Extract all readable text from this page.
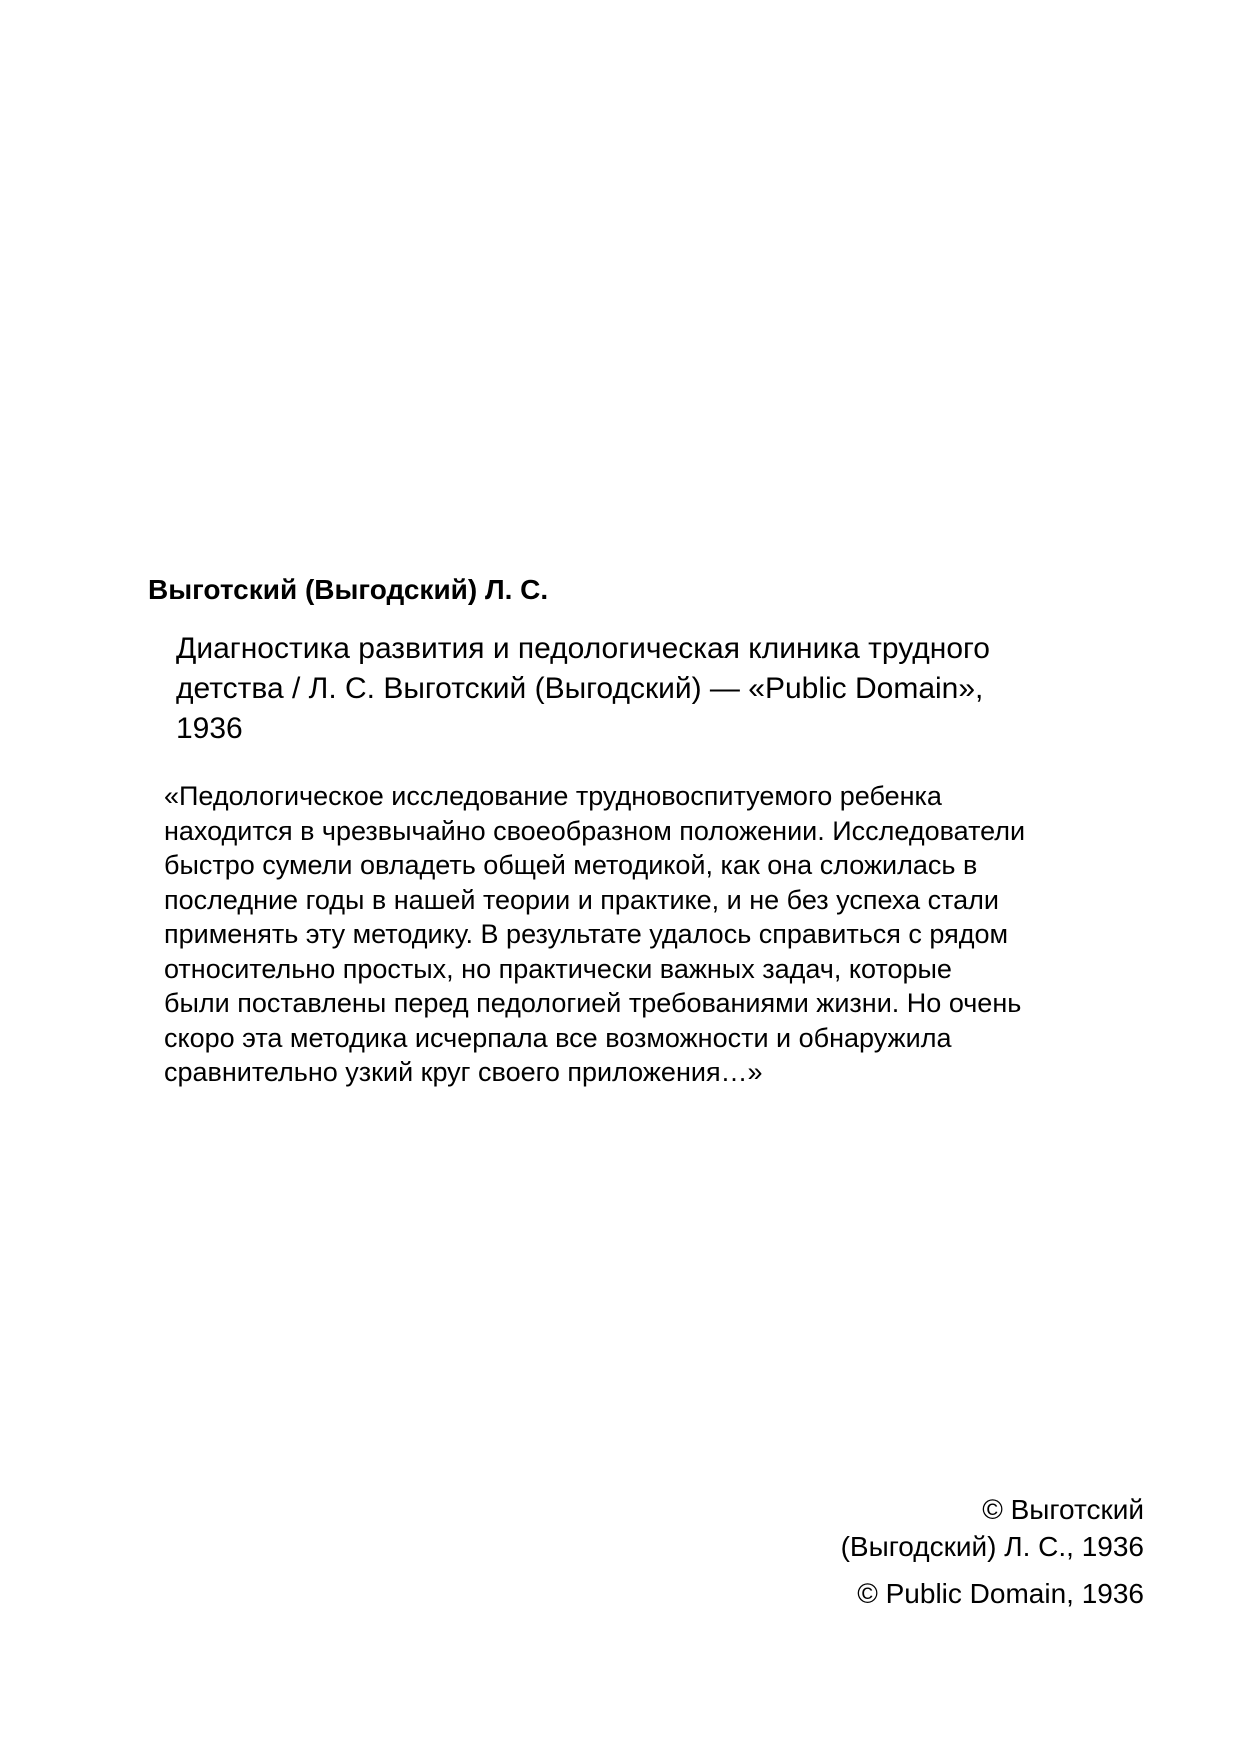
Выготский (Выгодский) Л. С.
Диагностика развития и педологическая клиника трудного
детства / Л. С. Выготский (Выгодский) — «Public Domain»,
1936
«Педологическое исследование трудновоспитуемого ребенка
находится в чрезвычайно своеобразном положении. Исследователи
быстро сумели овладеть общей методикой, как она сложилась в
последние годы в нашей теории и практике, и не без успеха стали
применять эту методику. В результате удалось справиться с рядом
относительно простых, но практически важных задач, которые
были поставлены перед педологией требованиями жизни. Но очень
скоро эта методика исчерпала все возможности и обнаружила
сравнительно узкий круг своего приложения…»
© Выготский
(Выгодский) Л. С., 1936
© Public Domain, 1936
